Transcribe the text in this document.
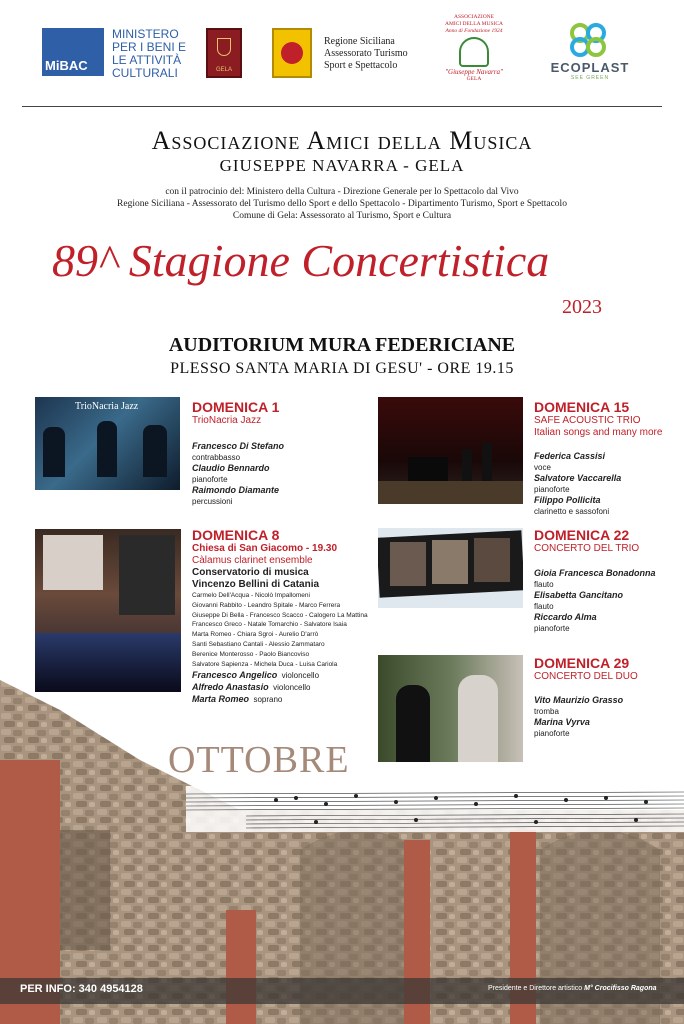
MiBAC
MINISTERO
PER I BENI E
LE ATTIVITÀ
CULTURALI	GELA
Regione Siciliana
Assessorato Turismo
Sport e Spettacolo
ASSOCIAZIONE
AMICI DELLA MUSICA
Anno di Fondazione 1924
"Giuseppe Navarra"
GELA
ECOPLAST
SEE GREEN
Associazione Amici della Musica
GIUSEPPE NAVARRA - GELA
con il patrocinio del: Ministero della Cultura - Direzione Generale per lo Spettacolo dal Vivo
Regione Siciliana - Assessorato del Turismo dello Sport e dello Spettacolo - Dipartimento Turismo, Sport e Spettacolo
Comune di Gela: Assessorato al Turismo, Sport e Cultura
89^ Stagione Concertistica
2023
AUDITORIUM MURA FEDERICIANE
PLESSO SANTA MARIA DI GESU' - ORE 19.15
TrioNacria Jazz	DOMENICA 1
TrioNacria Jazz
Francesco Di Stefano
contrabbasso
Claudio Bennardo
pianoforte
Raimondo Diamante
percussioni
DOMENICA 8
Chiesa di San Giacomo - 19.30
Càlamus clarinet ensemble
Conservatorio di musica
Vincenzo Bellini di Catania
Carmelo Dell'Acqua - Nicolò Impallomeni
Giovanni Rabbito - Leandro Spitale - Marco Ferrera
Giuseppe Di Bella - Francesco Scacco - Calogero La Mattina
Francesco Greco - Natale Tomarchio - Salvatore Isaia
Marta Romeo - Chiara Sgroi - Aurelio D'arrò
Santi Sebastiano Cantali - Alessio Zammataro
Berenice Monterosso - Paolo Biancoviso
Salvatore Sapienza - Michela Duca - Luisa Cariola
Francesco Angelico violoncello
Alfredo Anastasio violoncello
Marta Romeo soprano
DOMENICA 15
SAFE ACOUSTIC TRIO
Italian songs and many more
Federica Cassisi
voce
Salvatore Vaccarella
pianoforte
Filippo Pollicita
clarinetto e sassofoni
DOMENICA 22
CONCERTO DEL TRIO
Gioia Francesca Bonadonna
flauto
Elisabetta Gancitano
flauto
Riccardo Alma
pianoforte
DOMENICA 29
CONCERTO DEL DUO
Vito Maurizio Grasso
tromba
Marina Vyrva
pianoforte
OTTOBRE
PER INFO: 340 4954128	Presidente e Direttore artistico M° Crocifisso Ragona
